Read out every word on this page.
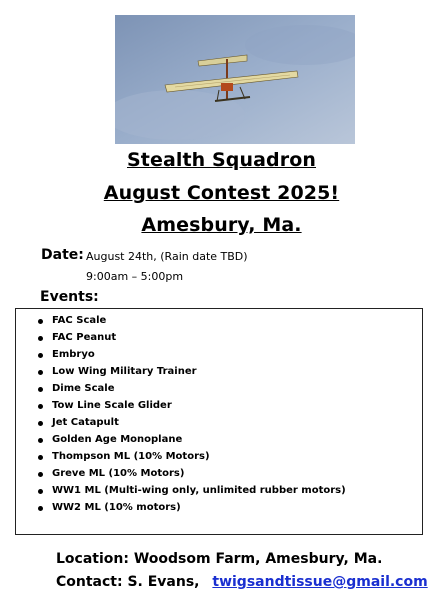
Stealth Squadron
August Contest 2025!
Amesbury, Ma.
Date: August 24th, (Rain date TBD)
9:00am – 5:00pm
Events:
FAC Scale
FAC Peanut
Embryo
Low Wing Military Trainer
Dime Scale
Tow Line Scale Glider
Jet Catapult
Golden Age Monoplane
Thompson ML (10% Motors)
Greve ML (10% Motors)
WW1 ML (Multi-wing only, unlimited rubber motors)
WW2 ML (10% motors)
Location: Woodsom Farm, Amesbury, Ma.
Contact: S. Evans, twigsandtissue@gmail.com
